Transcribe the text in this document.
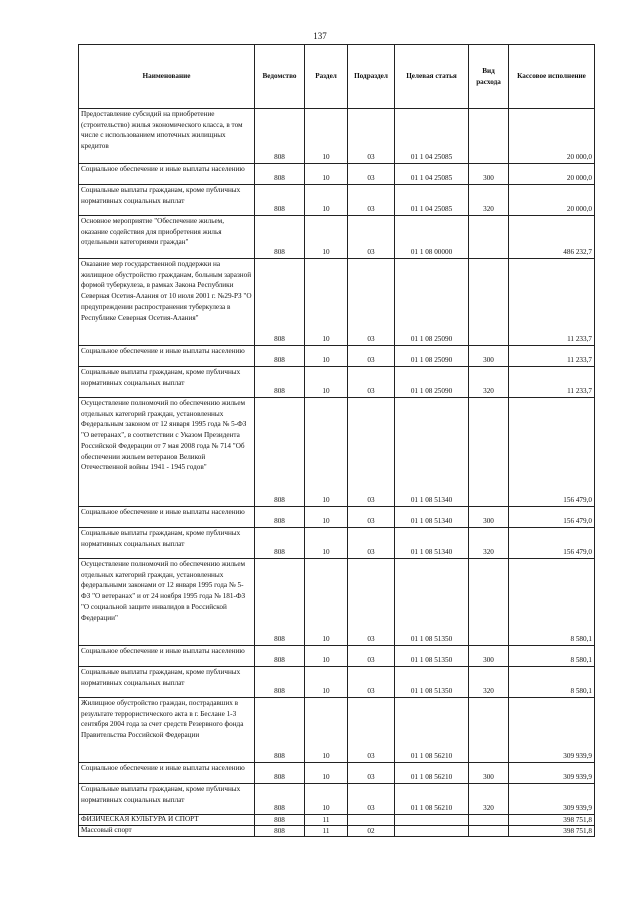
137
Наименование	Ведомство	Раздел	Подраздел	Целевая статья	Вид расхода	Кассовое исполнение
Предоставление субсидий на приобретение (строительство) жилья экономического класса, в том числе с использованием ипотечных жилищных кредитов	808	10	03	01 1 04 25085		20 000,0
Социальное обеспечение и иные выплаты населению	808	10	03	01 1 04 25085	300	20 000,0
Социальные выплаты гражданам, кроме публичных нормативных социальных выплат	808	10	03	01 1 04 25085	320	20 000,0
Основное мероприятие "Обеспечение жильем, оказание содействия для приобретения жилья отдельными категориями граждан"	808	10	03	01 1 08 00000		486 232,7
Оказание мер государственной поддержки на жилищное обустройство гражданам, больным заразной формой туберкулеза, в рамках Закона Республики Северная Осетия-Алания от 10 июля 2001 г. №29-РЗ "О предупреждении распространения туберкулеза в Республике Северная Осетия-Алания"	808	10	03	01 1 08 25090		11 233,7
Социальное обеспечение и иные выплаты населению	808	10	03	01 1 08 25090	300	11 233,7
Социальные выплаты гражданам, кроме публичных нормативных социальных выплат	808	10	03	01 1 08 25090	320	11 233,7
Осуществление полномочий по обеспечению жильем отдельных категорий граждан, установленных Федеральным законом от 12 января 1995 года № 5-ФЗ "О ветеранах", в соответствии с Указом Президента Российской Федерации от 7 мая 2008 года № 714 "Об обеспечении жильем ветеранов Великой Отечественной войны 1941 - 1945 годов"	808	10	03	01 1 08 51340		156 479,0
Социальное обеспечение и иные выплаты населению	808	10	03	01 1 08 51340	300	156 479,0
Социальные выплаты гражданам, кроме публичных нормативных социальных выплат	808	10	03	01 1 08 51340	320	156 479,0
Осуществление полномочий по обеспечению жильем отдельных категорий граждан, установленных федеральными законами от 12 января 1995 года № 5-ФЗ "О ветеранах" и от 24 ноября 1995 года № 181-ФЗ "О социальной защите инвалидов в Российской Федерации"	808	10	03	01 1 08 51350		8 580,1
Социальное обеспечение и иные выплаты населению	808	10	03	01 1 08 51350	300	8 580,1
Социальные выплаты гражданам, кроме публичных нормативных социальных выплат	808	10	03	01 1 08 51350	320	8 580,1
Жилищное обустройство граждан, пострадавших в результате террористического акта в г. Беслане 1-3 сентября 2004 года за счет средств Резервного фонда Правительства Российской Федерации	808	10	03	01 1 08 56210		309 939,9
Социальное обеспечение и иные выплаты населению	808	10	03	01 1 08 56210	300	309 939,9
Социальные выплаты гражданам, кроме публичных нормативных социальных выплат	808	10	03	01 1 08 56210	320	309 939,9
ФИЗИЧЕСКАЯ КУЛЬТУРА И СПОРТ	808	11				398 751,8
Массовый спорт	808	11	02			398 751,8
